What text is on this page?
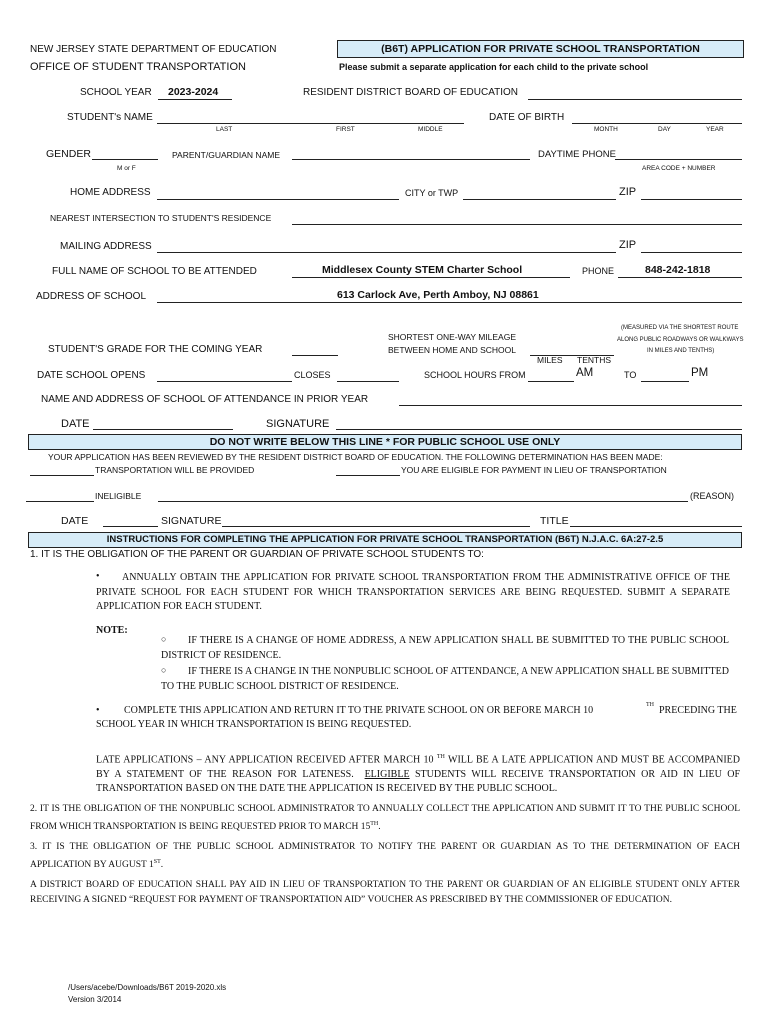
NEW JERSEY STATE DEPARTMENT OF EDUCATION
OFFICE OF STUDENT TRANSPORTATION
(B6T) APPLICATION FOR PRIVATE SCHOOL TRANSPORTATION
Please submit a separate application for each child to the private school
SCHOOL YEAR 2023-2024	RESIDENT DISTRICT BOARD OF EDUCATION
STUDENT's NAME
LAST	FIRST	MIDDLE
DATE OF BIRTH
MONTH	DAY	YEAR
GENDER
M or F
PARENT/GUARDIAN NAME	DAYTIME PHONE
AREA CODE + NUMBER
HOME ADDRESS	CITY or TWP	ZIP
NEAREST INTERSECTION TO STUDENT'S RESIDENCE
MAILING ADDRESS	ZIP
FULL NAME OF SCHOOL TO BE ATTENDED	Middlesex County STEM Charter School	PHONE	848-242-1818
ADDRESS OF SCHOOL	613 Carlock Ave, Perth Amboy, NJ 08861
SHORTEST ONE-WAY MILEAGE
BETWEEN HOME AND SCHOOL
(MEASURED VIA THE SHORTEST ROUTE
ALONG PUBLIC ROADWAYS OR WALKWAYS
IN MILES AND TENTHS)
MILES TENTHS
STUDENT'S GRADE FOR THE COMING YEAR
DATE SCHOOL OPENS	CLOSES	SCHOOL HOURS FROM	AM	TO	PM
NAME AND ADDRESS OF SCHOOL OF ATTENDANCE IN PRIOR YEAR
DATE	SIGNATURE
DO NOT WRITE BELOW THIS LINE * FOR PUBLIC SCHOOL USE ONLY
YOUR APPLICATION HAS BEEN REVIEWED BY THE RESIDENT DISTRICT BOARD OF EDUCATION. THE FOLLOWING DETERMINATION HAS BEEN MADE:
TRANSPORTATION WILL BE PROVIDED	YOU ARE ELIGIBLE FOR PAYMENT IN LIEU OF TRANSPORTATION
INELIGIBLE	(REASON)
DATE	SIGNATURE	TITLE
INSTRUCTIONS FOR COMPLETING THE APPLICATION FOR PRIVATE SCHOOL TRANSPORTATION (B6T) N.J.A.C. 6A:27-2.5
1. IT IS THE OBLIGATION OF THE PARENT OR GUARDIAN OF PRIVATE SCHOOL STUDENTS TO:
•	ANNUALLY OBTAIN THE APPLICATION FOR PRIVATE SCHOOL TRANSPORTATION FROM THE ADMINISTRATIVE OFFICE OF THE PRIVATE SCHOOL FOR EACH STUDENT FOR WHICH TRANSPORTATION SERVICES ARE BEING REQUESTED. SUBMIT A SEPARATE APPLICATION FOR EACH STUDENT.
NOTE:
○	IF THERE IS A CHANGE OF HOME ADDRESS, A NEW APPLICATION SHALL BE SUBMITTED TO THE PUBLIC SCHOOL DISTRICT OF RESIDENCE.
○	IF THERE IS A CHANGE IN THE NONPUBLIC SCHOOL OF ATTENDANCE, A NEW APPLICATION SHALL BE SUBMITTED TO THE PUBLIC SCHOOL DISTRICT OF RESIDENCE.
• COMPLETE THIS APPLICATION AND RETURN IT TO THE PRIVATE SCHOOL ON OR BEFORE MARCH 10	TH PRECEDING THE
SCHOOL YEAR IN WHICH TRANSPORTATION IS BEING REQUESTED.
LATE APPLICATIONS – ANY APPLICATION RECEIVED AFTER MARCH 10 $^{TH}$ WILL BE A LATE APPLICATION AND MUST BE ACCOMPANIED BY A STATEMENT OF THE REASON FOR LATENESS. ELIGIBLE STUDENTS WILL RECEIVE TRANSPORTATION OR AID IN LIEU OF TRANSPORTATION BASED ON THE DATE THE APPLICATION IS RECEIVED BY THE PUBLIC SCHOOL.
2. IT IS THE OBLIGATION OF THE NONPUBLIC SCHOOL ADMINISTRATOR TO ANNUALLY COLLECT THE APPLICATION AND SUBMIT IT TO THE PUBLIC SCHOOL FROM WHICH TRANSPORTATION IS BEING REQUESTED PRIOR TO MARCH 15TH.
3. IT IS THE OBLIGATION OF THE PUBLIC SCHOOL ADMINISTRATOR TO NOTIFY THE PARENT OR GUARDIAN AS TO THE DETERMINATION OF EACH APPLICATION BY AUGUST 1ST.
A DISTRICT BOARD OF EDUCATION SHALL PAY AID IN LIEU OF TRANSPORTATION TO THE PARENT OR GUARDIAN OF AN ELIGIBLE STUDENT ONLY AFTER RECEIVING A SIGNED “REQUEST FOR PAYMENT OF TRANSPORTATION AID” VOUCHER AS PRESCRIBED BY THE COMMISSIONER OF EDUCATION.
/Users/acebe/Downloads/B6T 2019-2020.xls
Version 3/2014
